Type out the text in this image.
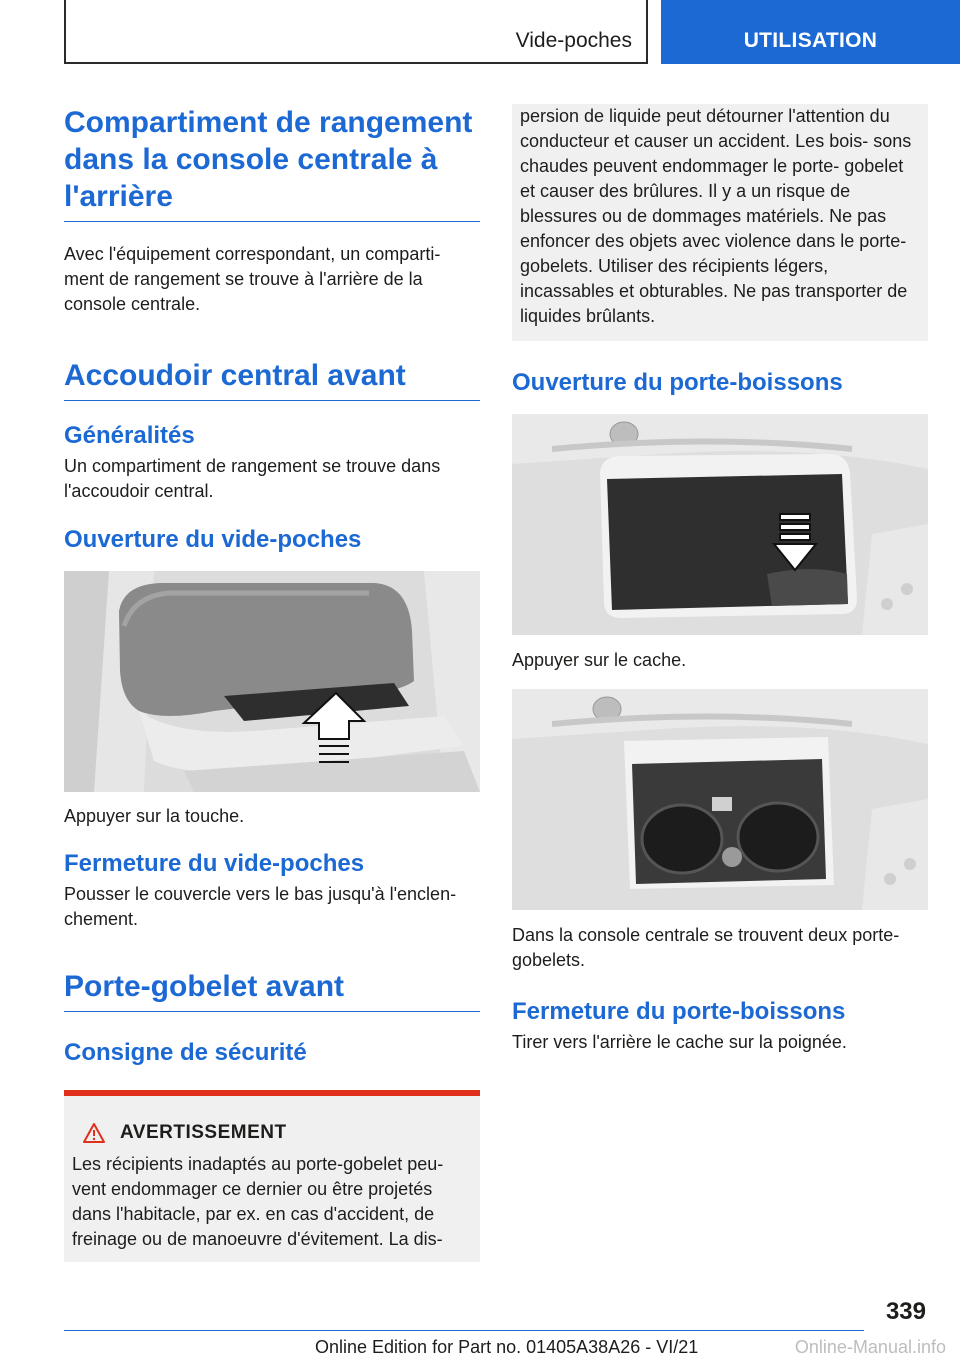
Vide-poches	UTILISATION
Compartiment de rangement dans la console centrale à l'arrière

Avec l'équipement correspondant, un comparti- ment de rangement se trouve à l'arrière de la console centrale.

Accoudoir central avant
Généralités

Un compartiment de rangement se trouve dans l'accoudoir central.

Ouverture du vide-poches

Appuyer sur la touche.

Fermeture du vide-poches

Pousser le couvercle vers le bas jusqu'à l'enclen- chement.

Porte-gobelet avant
Consigne de sécurité
AVERTISSEMENT

Les récipients inadaptés au porte-gobelet peu- vent endommager ce dernier ou être projetés dans l'habitacle, par ex. en cas d'accident, de freinage ou de manoeuvre d'évitement. La dis-

persion de liquide peut détourner l'attention du conducteur et causer un accident. Les bois- sons chaudes peuvent endommager le porte- gobelet et causer des brûlures. Il y a un risque de blessures ou de dommages matériels. Ne pas enfoncer des objets avec violence dans le porte-gobelets. Utiliser des récipients légers, incassables et obturables. Ne pas transporter de liquides brûlants.

Ouverture du porte-boissons

Appuyer sur le cache.

Dans la console centrale se trouvent deux porte- gobelets.

Fermeture du porte-boissons

Tirer vers l'arrière le cache sur la poignée.

339
Online Edition for Part no. 01405A38A26 - VI/21	Online-Manual.info
